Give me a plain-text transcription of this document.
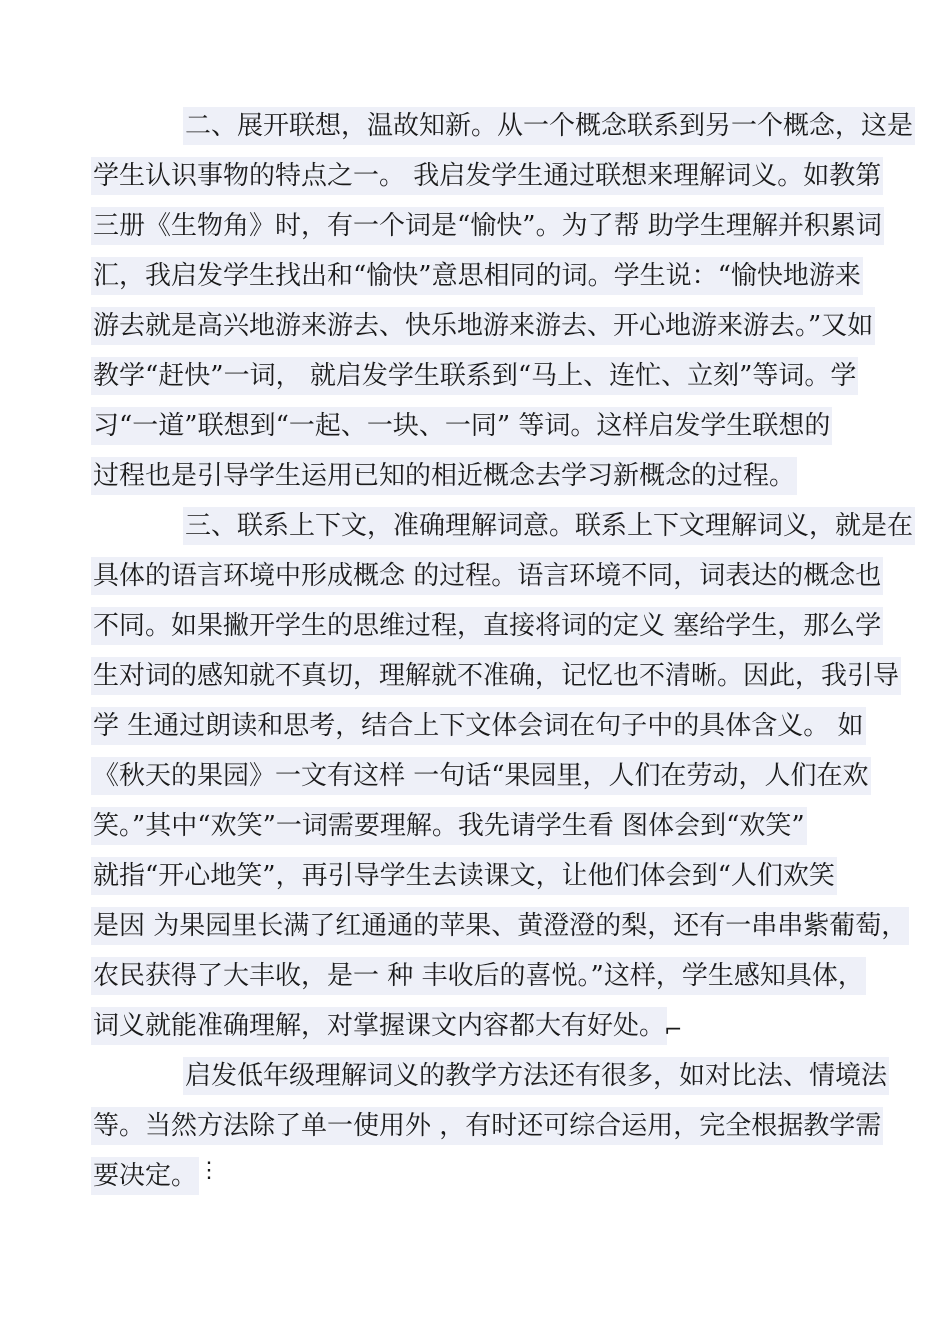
二、展开联想，温故知新。从一个概念联系到另一个概念，这是
学生认识事物的特点之一。 我启发学生通过联想来理解词义。如教第
三册《生物角》时，有一个词是“愉快”。为了帮 助学生理解并积累词
汇，我启发学生找出和“愉快”意思相同的词。学生说：“愉快地游来
游去就是高兴地游来游去、快乐地游来游去、开心地游来游去。”又如
教学“赶快”一词， 就启发学生联系到“马上、连忙、立刻”等词。学
习“一道”联想到“一起、一块、一同” 等词。这样启发学生联想的
过程也是引导学生运用已知的相近概念去学习新概念的过程。
三、联系上下文，准确理解词意。联系上下文理解词义，就是在
具体的语言环境中形成概念 的过程。语言环境不同，词表达的概念也
不同。如果撇开学生的思维过程，直接将词的定义 塞给学生，那么学
生对词的感知就不真切，理解就不准确，记忆也不清晰。因此，我引导
学 生通过朗读和思考，结合上下文体会词在句子中的具体含义。 如
《秋天的果园》一文有这样 一句话“果园里，人们在劳动，人们在欢
笑。”其中“欢笑”一词需要理解。我先请学生看 图体会到“欢笑”
就指“开心地笑”，再引导学生去读课文，让他们体会到“人们欢笑
是因 为果园里长满了红通通的苹果、黄澄澄的梨，还有一串串紫葡萄，
农民获得了大丰收，是一 种 丰收后的喜悦。”这样，学生感知具体，
词义就能准确理解，对掌握课文内容都大有好处。
⌐
启发低年级理解词义的教学方法还有很多，如对比法、情境法
等。当然方法除了单一使用外 ，有时还可综合运用，完全根据教学需
要决定。 ⋮
